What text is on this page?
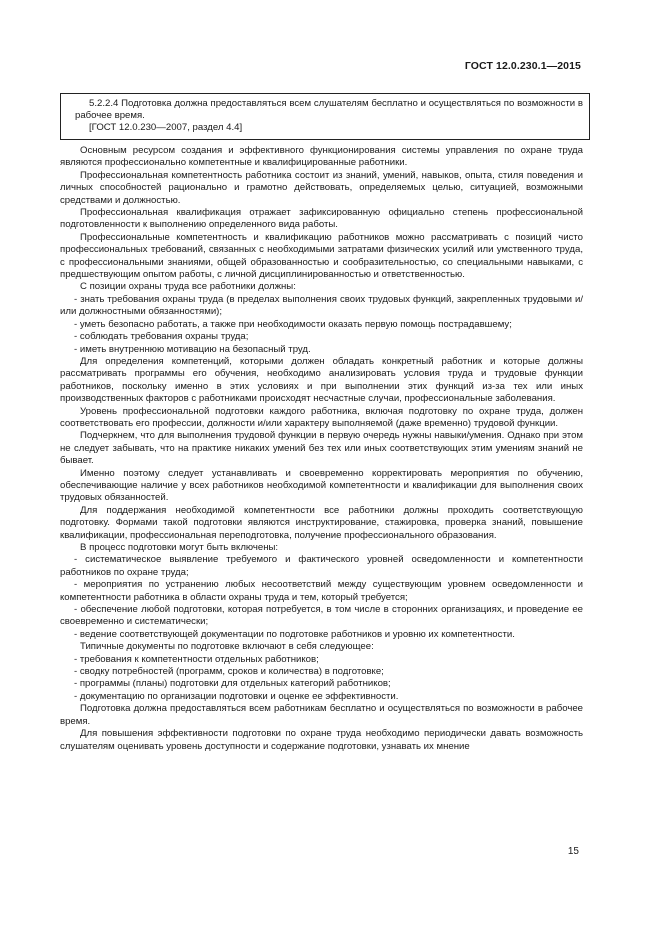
ГОСТ 12.0.230.1—2015

5.2.2.4 Подготовка должна предоставляться всем слушателям бесплатно и осуществляться по возможности в рабочее время.

[ГОСТ 12.0.230—2007, раздел 4.4]

Основным ресурсом создания и эффективного функционирования системы управления по охране труда являются профессионально компетентные и квалифицированные работники.

Профессиональная компетентность работника состоит из знаний, умений, навыков, опыта, стиля поведения и личных способностей рационально и грамотно действовать, определяемых целью, ситуацией, возможными средствами и должностью.

Профессиональная квалификация отражает зафиксированную официально степень профессиональной подготовленности к выполнению определенного вида работы.

Профессиональные компетентность и квалификацию работников можно рассматривать с позиций чисто профессиональных требований, связанных с необходимыми затратами физических усилий или умственного труда, с профессиональными знаниями, общей образованностью и сообразительностью, со специальными навыками, с предшествующим опытом работы, с личной дисциплинированностью и ответственностью.

С позиции охраны труда все работники должны:

- знать требования охраны труда (в пределах выполнения своих трудовых функций, закрепленных трудовыми и/или должностными обязанностями);

- уметь безопасно работать, а также при необходимости оказать первую помощь пострадавшему;

- соблюдать требования охраны труда;

- иметь внутреннюю мотивацию на безопасный труд.

Для определения компетенций, которыми должен обладать конкретный работник и которые должны рассматривать программы его обучения, необходимо анализировать условия труда и трудовые функции работников, поскольку именно в этих условиях и при выполнении этих функций из-за тех или иных производственных факторов с работниками происходят несчастные случаи, профессиональные заболевания.

Уровень профессиональной подготовки каждого работника, включая подготовку по охране труда, должен соответствовать его профессии, должности и/или характеру выполняемой (даже временно) трудовой функции.

Подчеркнем, что для выполнения трудовой функции в первую очередь нужны навыки/умения. Однако при этом не следует забывать, что на практике никаких умений без тех или иных соответствующих этим умениям знаний не бывает.

Именно поэтому следует устанавливать и своевременно корректировать мероприятия по обучению, обеспечивающие наличие у всех работников необходимой компетентности и квалификации для выполнения своих трудовых обязанностей.

Для поддержания необходимой компетентности все работники должны проходить соответствующую подготовку. Формами такой подготовки являются инструктирование, стажировка, проверка знаний, повышение квалификации, профессиональная переподготовка, получение профессионального образования.

В процесс подготовки могут быть включены:

- систематическое выявление требуемого и фактического уровней осведомленности и компетентности работников по охране труда;

- мероприятия по устранению любых несоответствий между существующим уровнем осведомленности и компетентности работника в области охраны труда и тем, который требуется;

- обеспечение любой подготовки, которая потребуется, в том числе в сторонних организациях, и проведение ее своевременно и систематически;

- ведение соответствующей документации по подготовке работников и уровню их компетентности.

Типичные документы по подготовке включают в себя следующее:

- требования к компетентности отдельных работников;

- сводку потребностей (программ, сроков и количества) в подготовке;

- программы (планы) подготовки для отдельных категорий работников;

- документацию по организации подготовки и оценке ее эффективности.

Подготовка должна предоставляться всем работникам бесплатно и осуществляться по возможности в рабочее время.

Для повышения эффективности подготовки по охране труда необходимо периодически давать возможность слушателям оценивать уровень доступности и содержание подготовки, узнавать их мнение

15
